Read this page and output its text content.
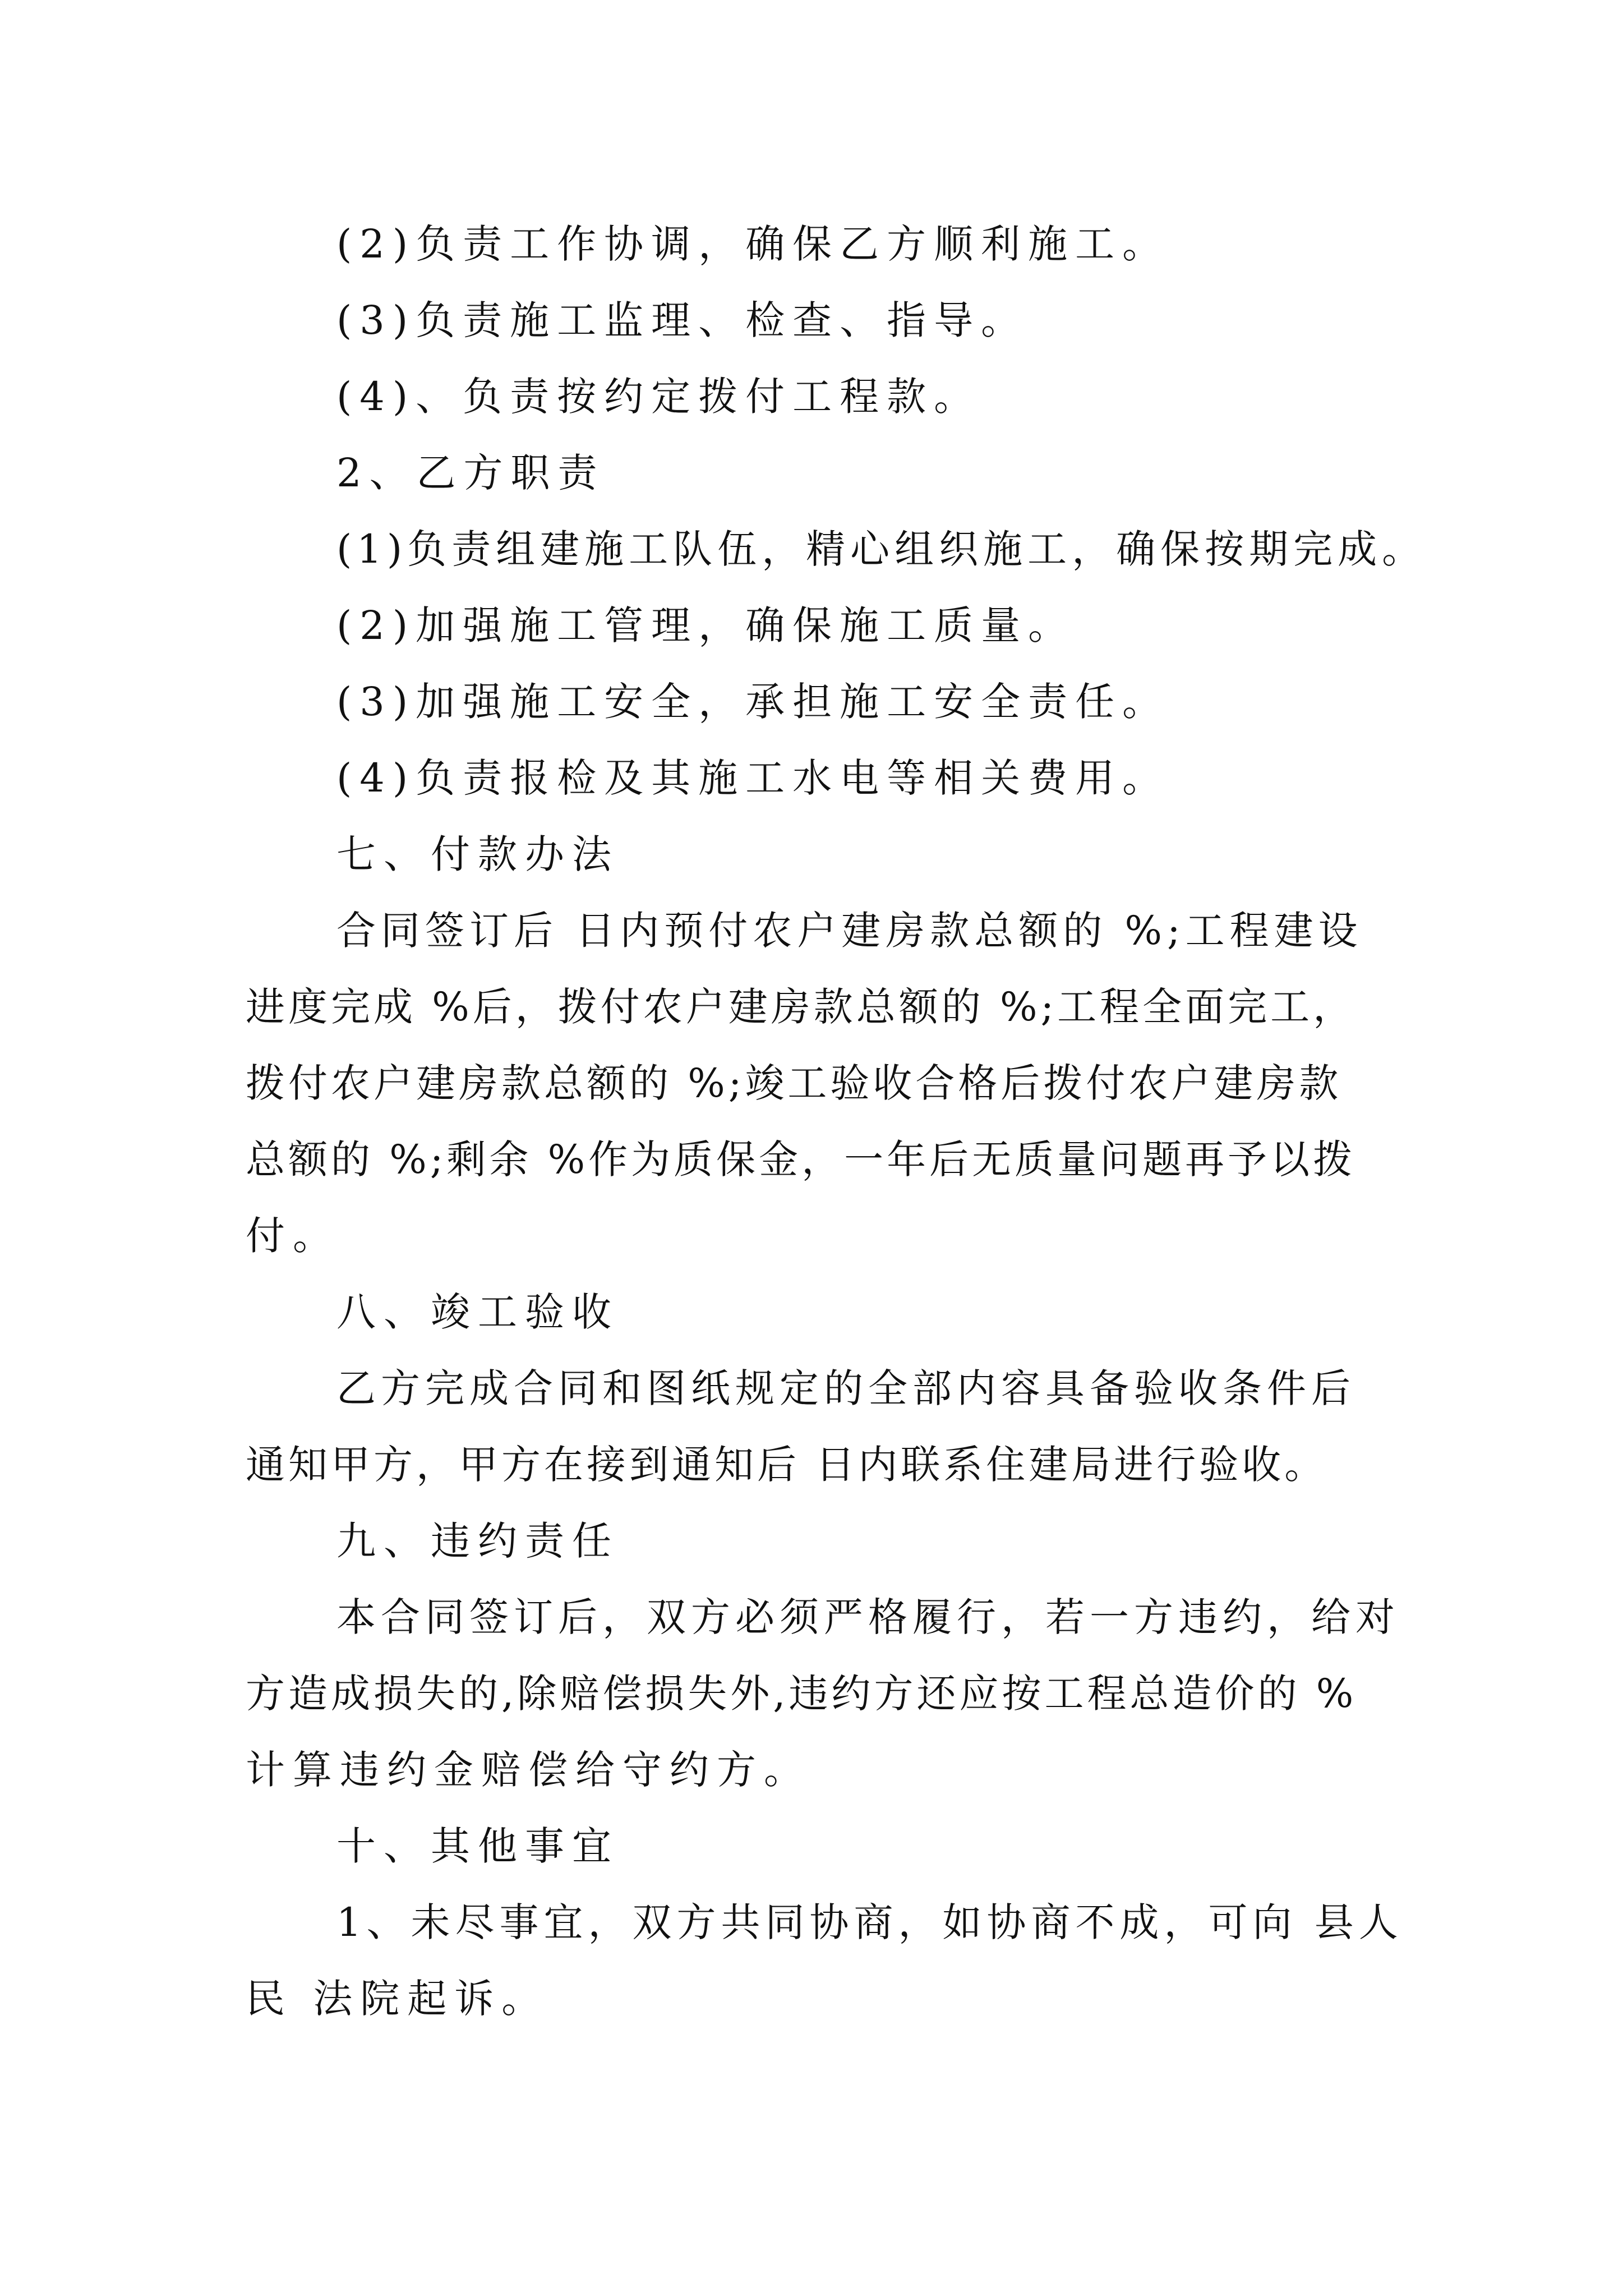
(2)负责工作协调，确保乙方顺利施工。
(3)负责施工监理、检查、指导。
(4)、负责按约定拨付工程款。
2、乙方职责
(1)负责组建施工队伍，精心组织施工，确保按期完成。
(2)加强施工管理，确保施工质量。
(3)加强施工安全，承担施工安全责任。
(4)负责报检及其施工水电等相关费用。
七、付款办法
合同签订后 日内预付农户建房款总额的 %;工程建设
进度完成 %后，拨付农户建房款总额的 %;工程全面完工，
拨付农户建房款总额的 %;竣工验收合格后拨付农户建房款
总额的 %;剩余 %作为质保金，一年后无质量问题再予以拨
付。
八、竣工验收
乙方完成合同和图纸规定的全部内容具备验收条件后
通知甲方，甲方在接到通知后 日内联系住建局进行验收。
九、违约责任
本合同签订后，双方必须严格履行，若一方违约，给对
方造成损失的,除赔偿损失外,违约方还应按工程总造价的 %
计算违约金赔偿给守约方。
十、其他事宜
1、未尽事宜，双方共同协商，如协商不成，可向 县人
民 法院起诉。
